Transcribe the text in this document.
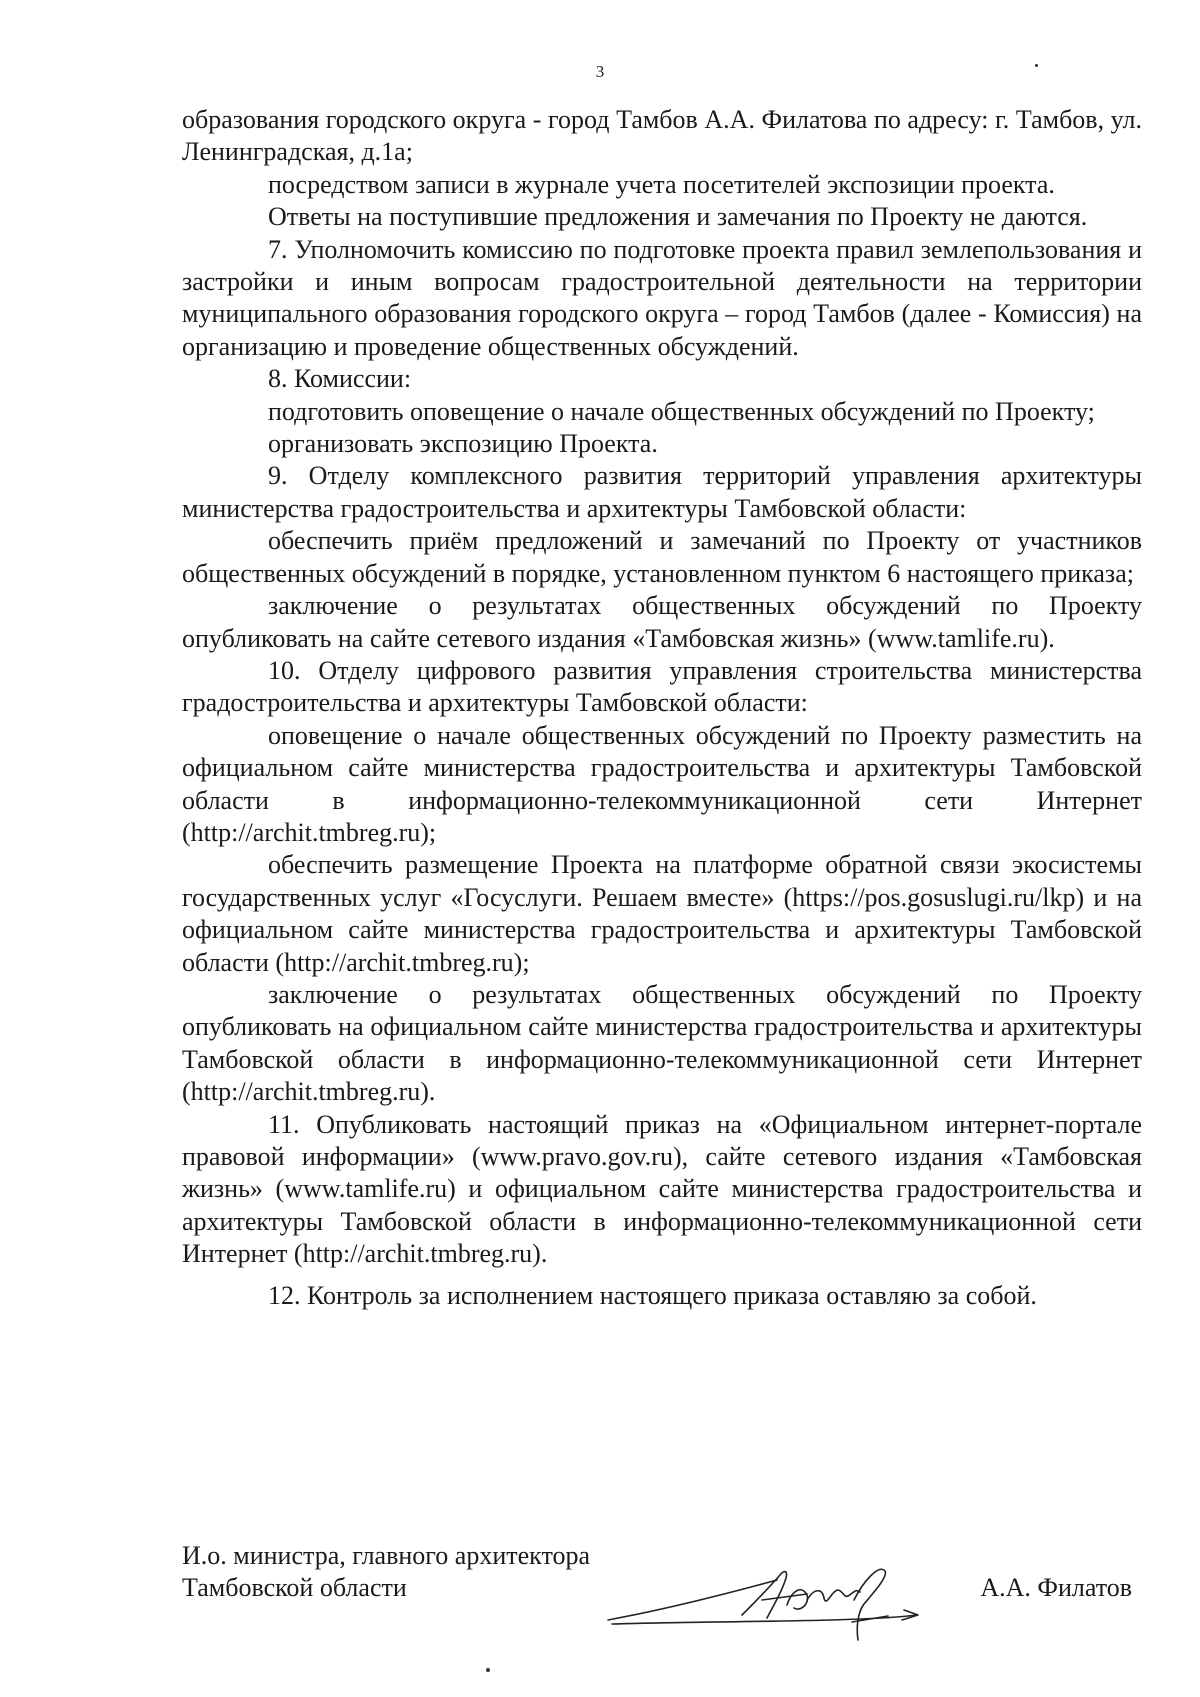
3

образования городского округа - город Тамбов А.А. Филатова по адресу: г. Тамбов, ул. Ленинградская, д.1а;

посредством записи в журнале учета посетителей экспозиции проекта.

Ответы на поступившие предложения и замечания по Проекту не даются.

7. Уполномочить комиссию по подготовке проекта правил землепользования и застройки и иным вопросам градостроительной деятельности на территории муниципального образования городского округа – город Тамбов (далее - Комиссия) на организацию и проведение общественных обсуждений.

8. Комиссии:

подготовить оповещение о начале общественных обсуждений по Проекту;

организовать экспозицию Проекта.

9. Отделу комплексного развития территорий управления архитектуры министерства градостроительства и архитектуры Тамбовской области:

обеспечить приём предложений и замечаний по Проекту от участников общественных обсуждений в порядке, установленном пунктом 6 настоящего приказа;

заключение о результатах общественных обсуждений по Проекту опубликовать на сайте сетевого издания «Тамбовская жизнь» (www.tamlife.ru).

10. Отделу цифрового развития управления строительства министерства градостроительства и архитектуры Тамбовской области:

оповещение о начале общественных обсуждений по Проекту разместить на официальном сайте министерства градостроительства и архитектуры Тамбовской области в информационно-телекоммуникационной сети Интернет (http://archit.tmbreg.ru);

обеспечить размещение Проекта на платформе обратной связи экосистемы государственных услуг «Госуслуги. Решаем вместе» (https://pos.gosuslugi.ru/lkp) и на официальном сайте министерства градостроительства и архитектуры Тамбовской области (http://archit.tmbreg.ru);

заключение о результатах общественных обсуждений по Проекту опубликовать на официальном сайте министерства градостроительства и архитектуры Тамбовской области в информационно-телекоммуникационной сети Интернет (http://archit.tmbreg.ru).

11. Опубликовать настоящий приказ на «Официальном интернет-портале правовой информации» (www.pravo.gov.ru), сайте сетевого издания «Тамбовская жизнь» (www.tamlife.ru) и официальном сайте министерства градостроительства и архитектуры Тамбовской области в информационно-телекоммуникационной сети Интернет (http://archit.tmbreg.ru).

12. Контроль за исполнением настоящего приказа оставляю за собой.

И.о. министра, главного архитектора
Тамбовской области	А.А. Филатов
